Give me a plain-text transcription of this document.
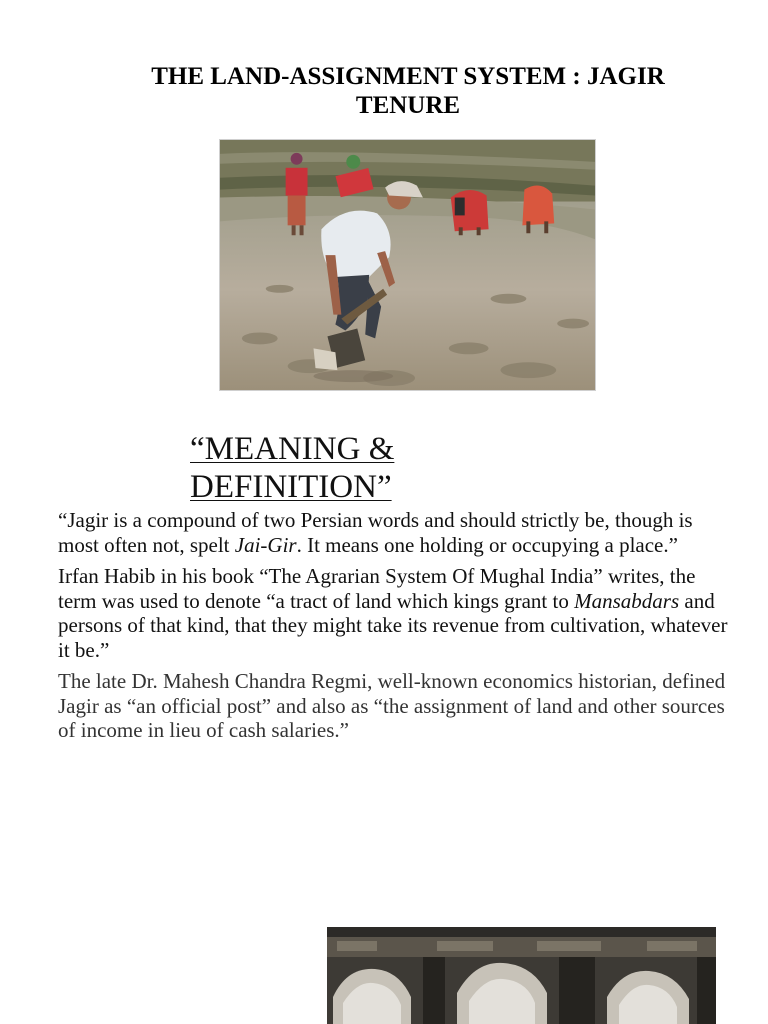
THE LAND-ASSIGNMENT SYSTEM : JAGIR TENURE
“MEANING &
DEFINITION”

“Jagir is a compound of two Persian words and should strictly be, though is most often not, spelt Jai-Gir. It means one holding or occupying a place.”

Irfan Habib in his book “The Agrarian System Of Mughal India” writes, the term was used to denote “a tract of land which kings grant to Mansabdars and persons of that kind, that they might take its revenue from cultivation, whatever it be.”

The late Dr. Mahesh Chandra Regmi, well-known economics historian, defined Jagir as “an official post” and also as “the assignment of land and other sources of income in lieu of cash salaries.”
